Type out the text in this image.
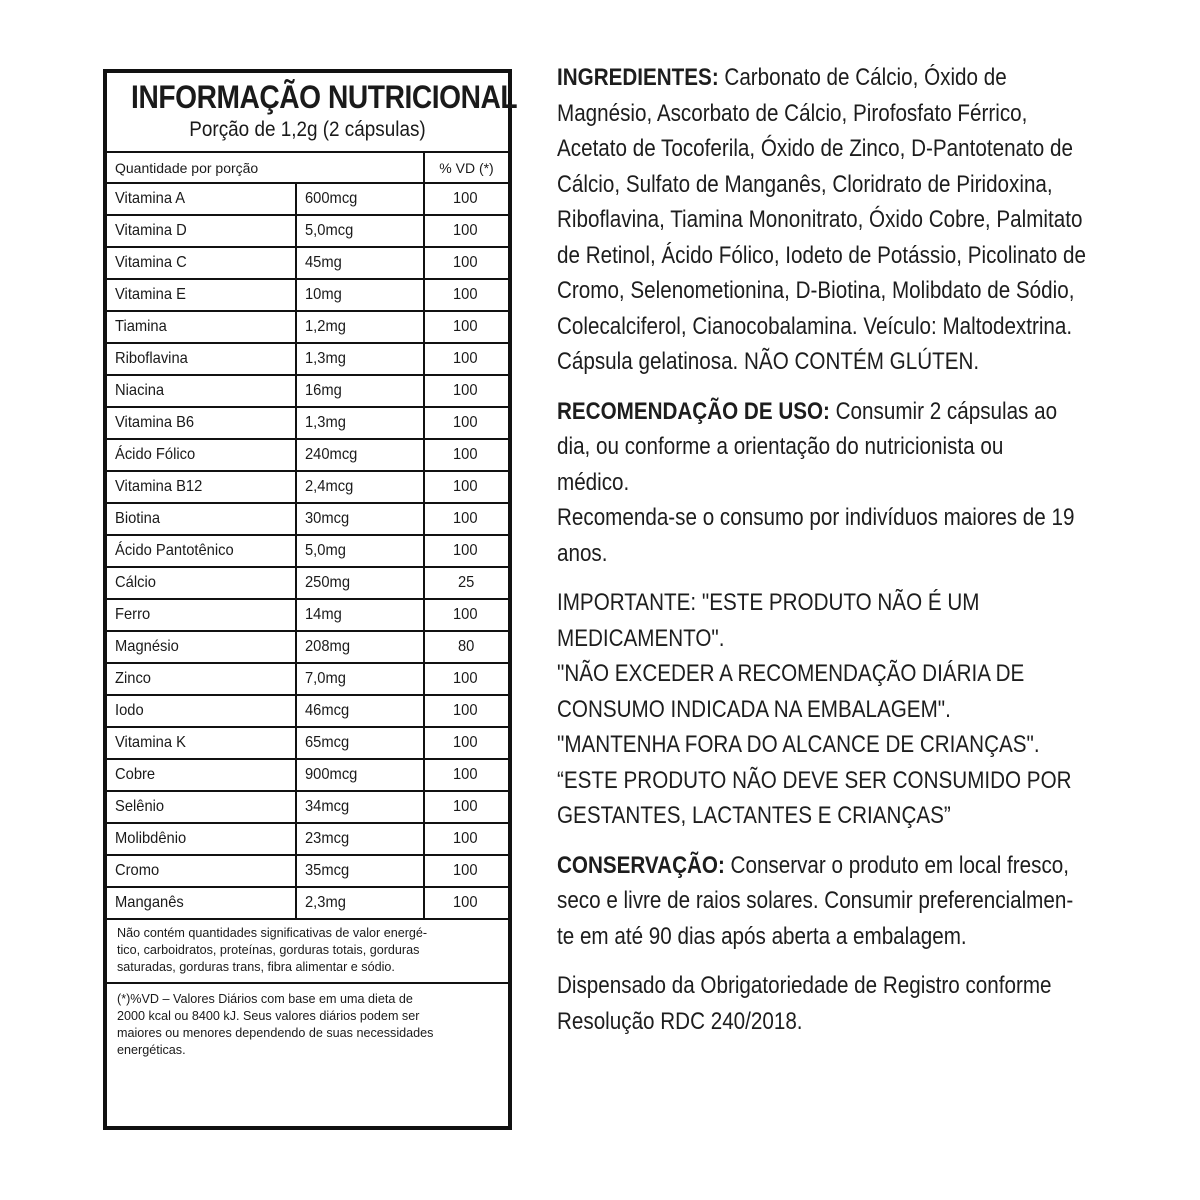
INFORMAÇÃO NUTRICIONAL
Porção de 1,2g (2 cápsulas)
Quantidade por porção		% VD (*)
Vitamina A	600mcg	100
Vitamina D	5,0mcg	100
Vitamina C	45mg	100
Vitamina E	10mg	100
Tiamina	1,2mg	100
Riboflavina	1,3mg	100
Niacina	16mg	100
Vitamina B6	1,3mg	100
Ácido Fólico	240mcg	100
Vitamina B12	2,4mcg	100
Biotina	30mcg	100
Ácido Pantotênico	5,0mg	100
Cálcio	250mg	25
Ferro	14mg	100
Magnésio	208mg	80
Zinco	7,0mg	100
Iodo	46mcg	100
Vitamina K	65mcg	100
Cobre	900mcg	100
Selênio	34mcg	100
Molibdênio	23mcg	100
Cromo	35mcg	100
Manganês	2,3mg	100
Não contém quantidades significativas de valor energé-
tico, carboidratos, proteínas, gorduras totais, gorduras
saturadas, gorduras trans, fibra alimentar e sódio.
(*)%VD – Valores Diários com base em uma dieta de
2000 kcal ou 8400 kJ. Seus valores diários podem ser
maiores ou menores dependendo de suas necessidades
energéticas.
INGREDIENTES: Carbonato de Cálcio, Óxido de
Magnésio, Ascorbato de Cálcio, Pirofosfato Férrico,
Acetato de Tocoferila, Óxido de Zinco, D-Pantotenato de
Cálcio, Sulfato de Manganês, Cloridrato de Piridoxina,
Riboflavina, Tiamina Mononitrato, Óxido Cobre, Palmitato
de Retinol, Ácido Fólico, Iodeto de Potássio, Picolinato de
Cromo, Selenometionina, D-Biotina, Molibdato de Sódio,
Colecalciferol, Cianocobalamina. Veículo: Maltodextrina.
Cápsula gelatinosa. NÃO CONTÉM GLÚTEN.
RECOMENDAÇÃO DE USO: Consumir 2 cápsulas ao
dia, ou conforme a orientação do nutricionista ou
médico.
Recomenda-se o consumo por indivíduos maiores de 19
anos.
IMPORTANTE: "ESTE PRODUTO NÃO É UM
MEDICAMENTO".
"NÃO EXCEDER A RECOMENDAÇÃO DIÁRIA DE
CONSUMO INDICADA NA EMBALAGEM".
"MANTENHA FORA DO ALCANCE DE CRIANÇAS".
“ESTE PRODUTO NÃO DEVE SER CONSUMIDO POR
GESTANTES, LACTANTES E CRIANÇAS”
CONSERVAÇÃO: Conservar o produto em local fresco,
seco e livre de raios solares. Consumir preferencialmen-
te em até 90 dias após aberta a embalagem.
Dispensado da Obrigatoriedade de Registro conforme
Resolução RDC 240/2018.
